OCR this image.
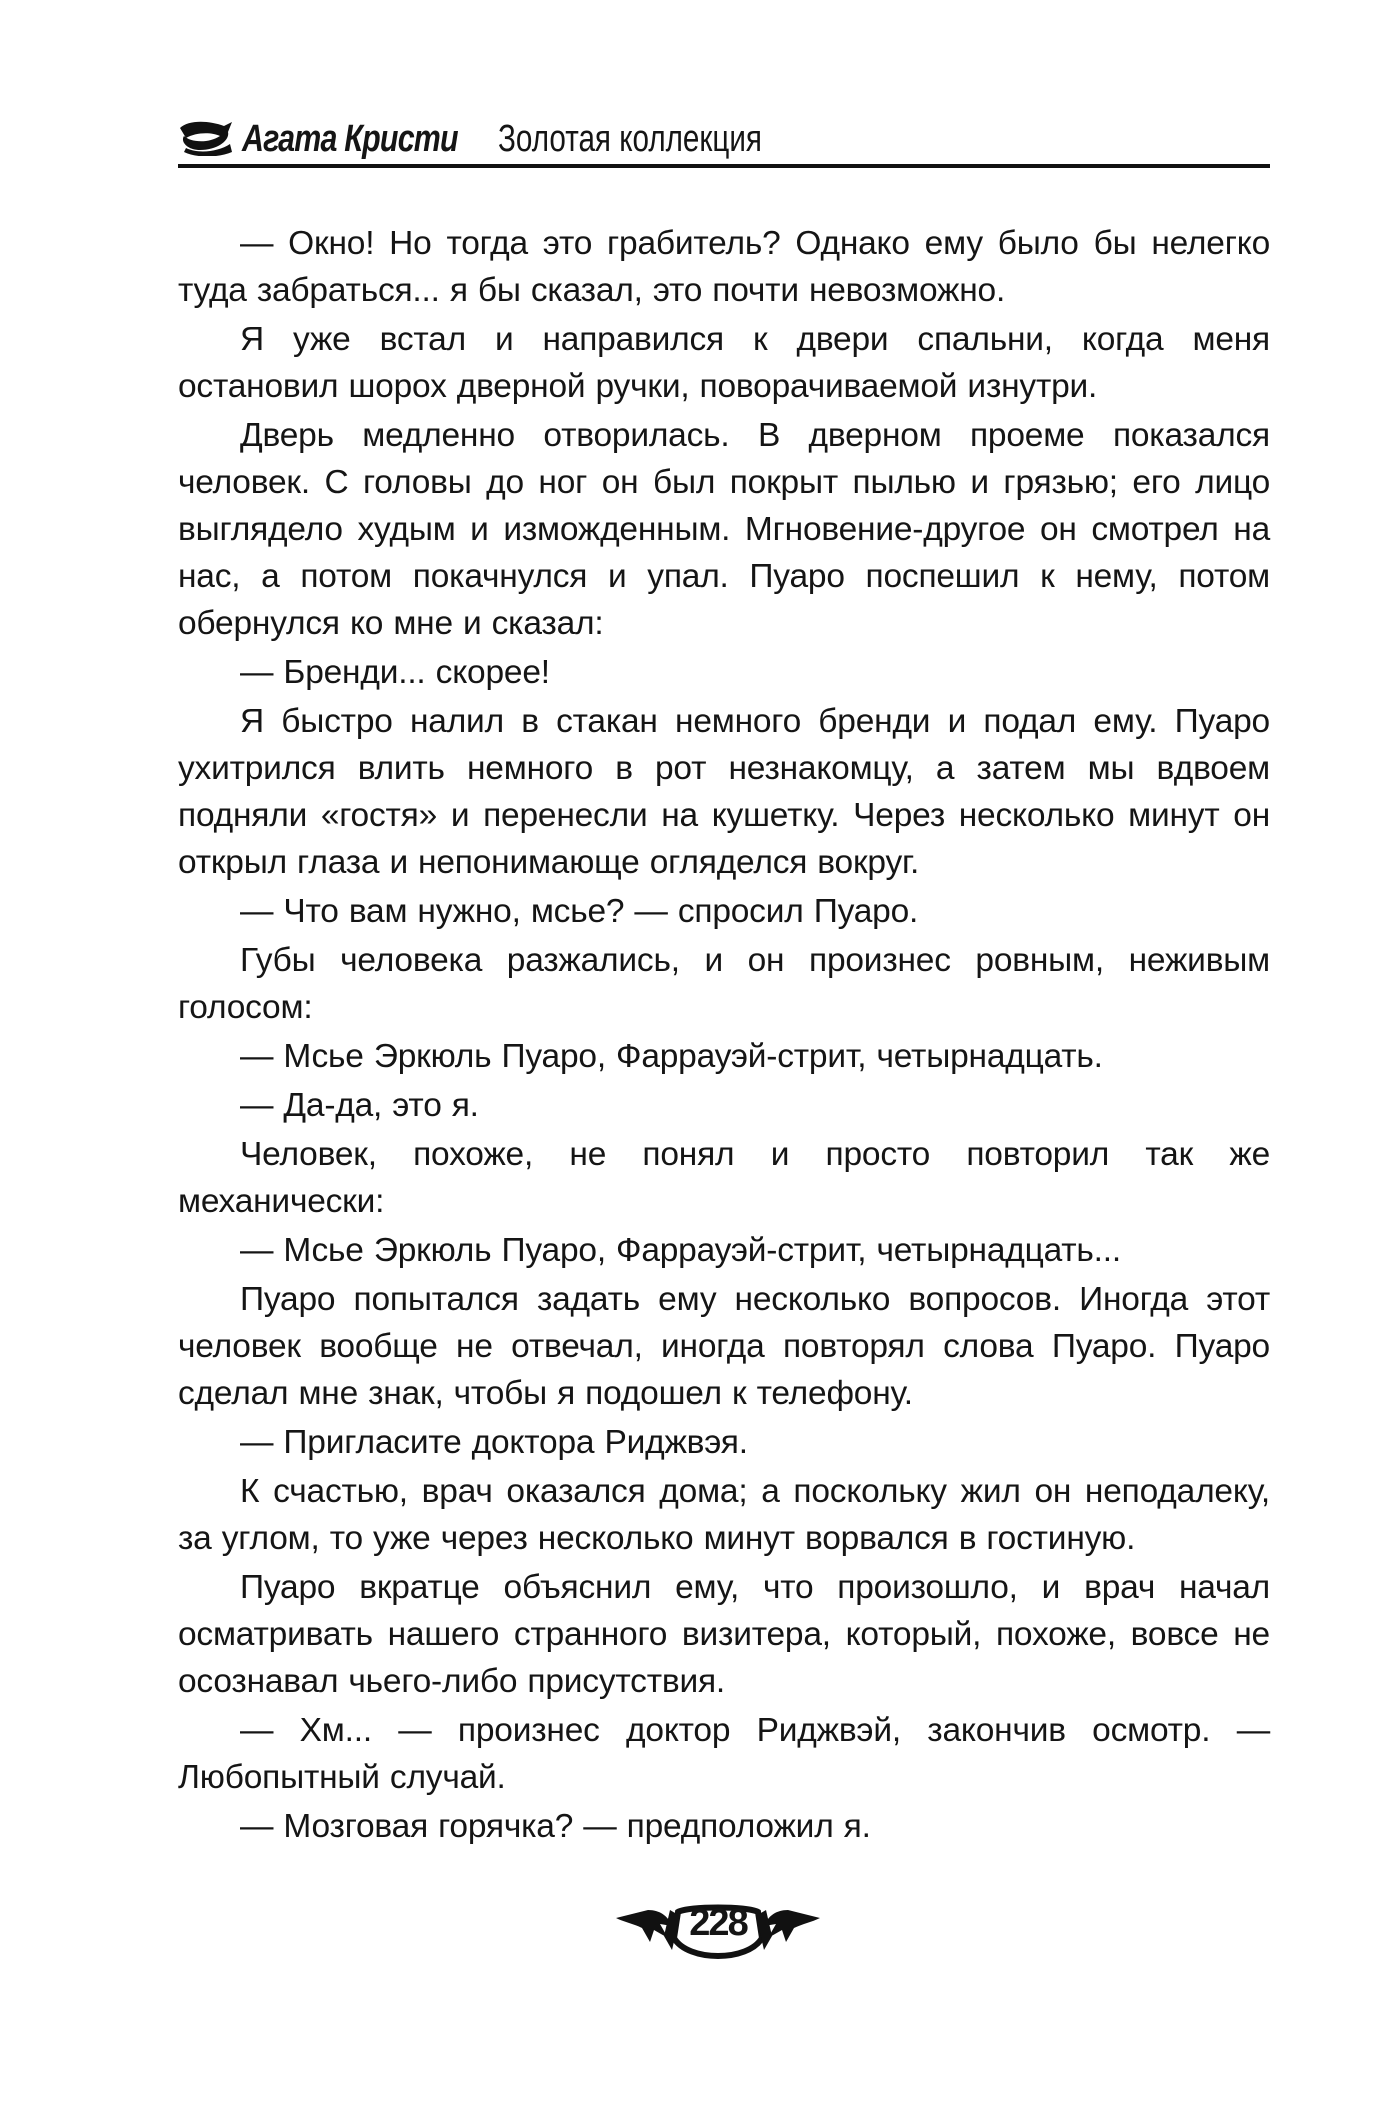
Агата Кристи Золотая коллекция

— Окно! Но тогда это грабитель? Однако ему было бы нелегко туда забраться... я бы сказал, это почти невозможно.

Я уже встал и направился к двери спальни, когда меня остановил шорох дверной ручки, поворачиваемой изнутри.

Дверь медленно отворилась. В дверном проеме показался человек. С головы до ног он был покрыт пылью и грязью; его лицо выглядело худым и изможденным. Мгновение-другое он смотрел на нас, а потом покачнулся и упал. Пуаро поспешил к нему, потом обернулся ко мне и сказал:

— Бренди... скорее!

Я быстро налил в стакан немного бренди и подал ему. Пуаро ухитрился влить немного в рот незнакомцу, а затем мы вдвоем подняли «гостя» и перенесли на кушетку. Через несколько минут он открыл глаза и непонимающе огляделся вокруг.

— Что вам нужно, мсье? — спросил Пуаро.

Губы человека разжались, и он произнес ровным, неживым голосом:

— Мсье Эркюль Пуаро, Фаррауэй-стрит, четырнадцать.

— Да-да, это я.

Человек, похоже, не понял и просто повторил так же механически:

— Мсье Эркюль Пуаро, Фаррауэй-стрит, четырнадцать...

Пуаро попытался задать ему несколько вопросов. Иногда этот человек вообще не отвечал, иногда повторял слова Пуаро. Пуаро сделал мне знак, чтобы я подошел к телефону.

— Пригласите доктора Риджвэя.

К счастью, врач оказался дома; а поскольку жил он неподалеку, за углом, то уже через несколько минут ворвался в гостиную.

Пуаро вкратце объяснил ему, что произошло, и врач начал осматривать нашего странного визитера, который, похоже, вовсе не осознавал чьего-либо присутствия.

— Хм... — произнес доктор Риджвэй, закончив осмотр. — Любопытный случай.

— Мозговая горячка? — предположил я.

228
